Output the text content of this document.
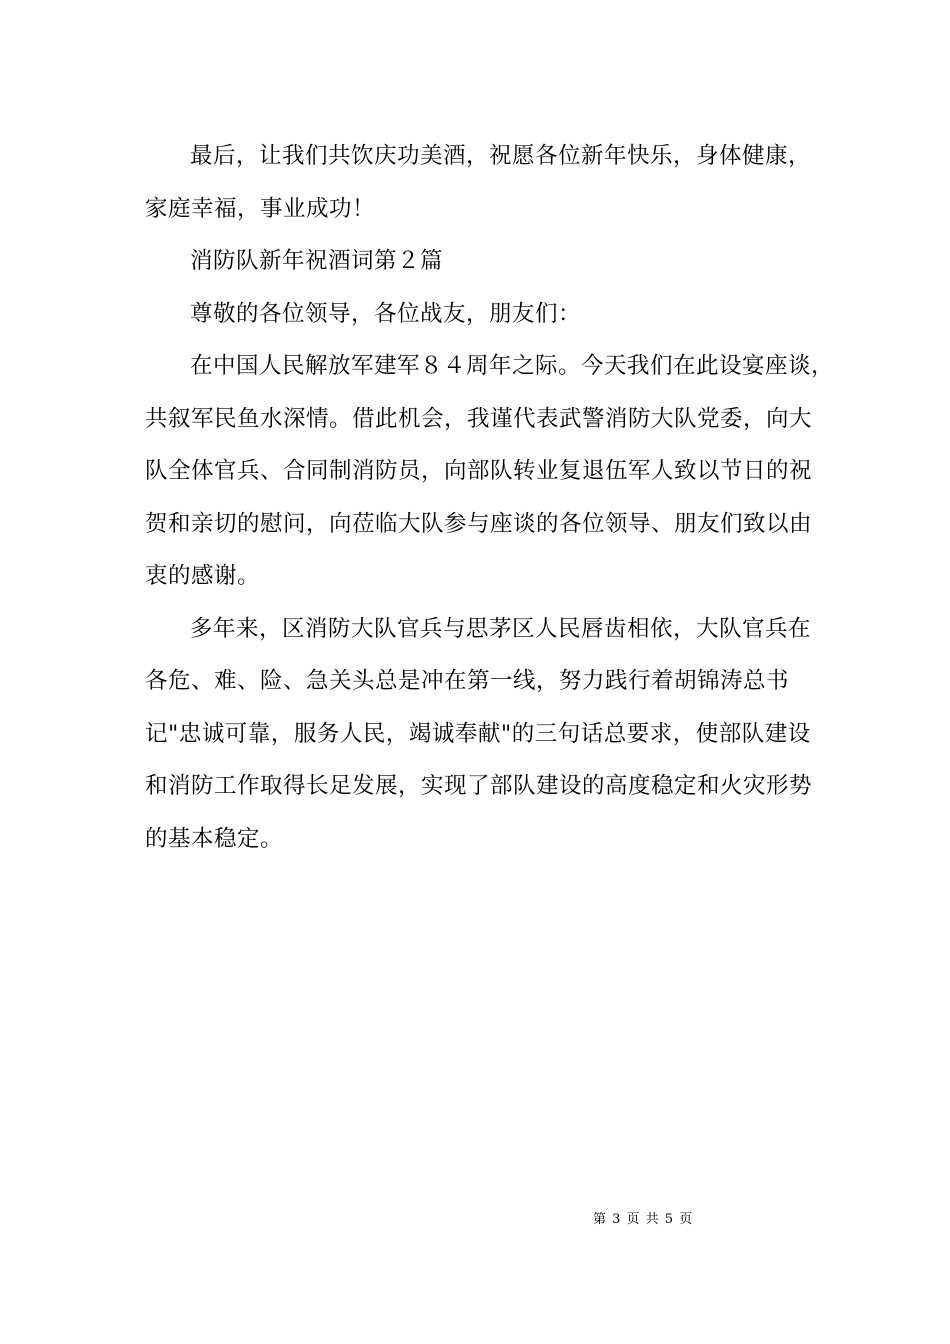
最后，让我们共饮庆功美酒，祝愿各位新年快乐，身体健康，
家庭幸福，事业成功！

消防队新年祝酒词第２篇

尊敬的各位领导，各位战友，朋友们：

在中国人民解放军建军８４周年之际。今天我们在此设宴座谈，
共叙军民鱼水深情。借此机会，我谨代表武警消防大队党委，向大
队全体官兵、合同制消防员，向部队转业复退伍军人致以节日的祝
贺和亲切的慰问，向莅临大队参与座谈的各位领导、朋友们致以由
衷的感谢。

多年来，区消防大队官兵与思茅区人民唇齿相依，大队官兵在
各危、难、险、急关头总是冲在第一线，努力践行着胡锦涛总书
记"忠诚可靠，服务人民，竭诚奉献"的三句话总要求，使部队建设
和消防工作取得长足发展，实现了部队建设的高度稳定和火灾形势
的基本稳定。

第 3 页 共 5 页
